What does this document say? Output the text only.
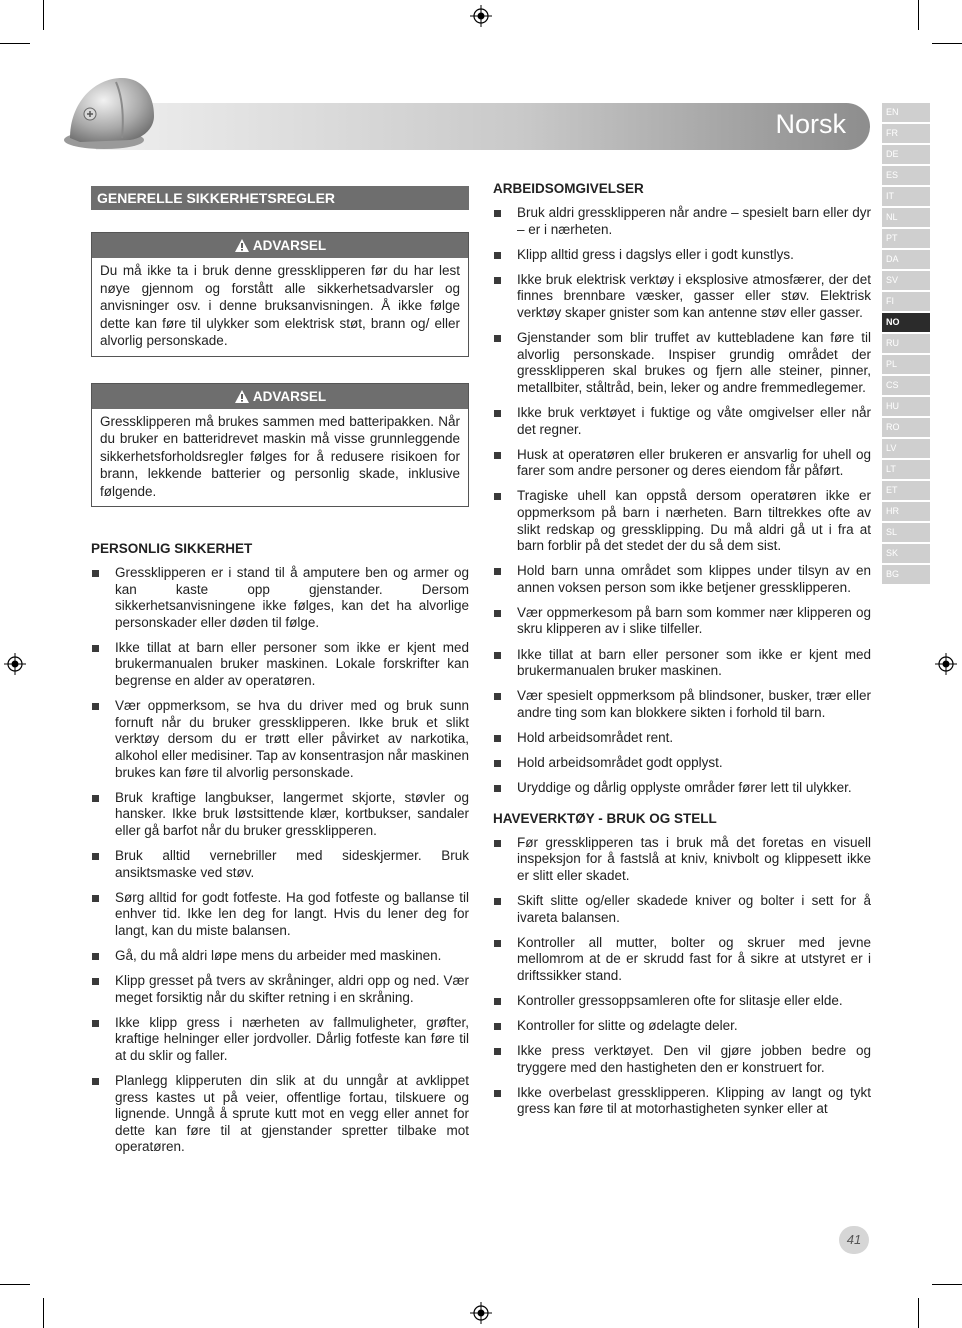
Norsk	EN
FR
DE
ES
IT
NL
PT
DA
SV
FI
NO
RU
PL
CS
HU
RO
LV
LT
ET
HR
SL
SK
BG
GENERELLE SIKKERHETSREGLER
ADVARSEL
Du må ikke ta i bruk denne gressklipperen før du har lest nøye gjennom og forstått alle sikkerhetsadvarsler og anvisninger osv. i denne bruksanvisningen. Å ikke følge dette kan føre til ulykker som elektrisk støt, brann og/ eller alvorlig personskade.
ADVARSEL
Gressklipperen må brukes sammen med batteripakken. Når du bruker en batteridrevet maskin må visse grunnleggende sikkerhetsforholdsregler følges for å redusere risikoen for brann, lekkende batterier og personlig skade, inklusive følgende.
PERSONLIG SIKKERHET
Gressklipperen er i stand til å amputere ben og armer og kan kaste opp gjenstander. Dersom sikkerhetsanvisningene ikke følges, kan det ha alvorlige personskader eller døden til følge.
Ikke tillat at barn eller personer som ikke er kjent med brukermanualen bruker maskinen. Lokale forskrifter kan begrense en alder av operatøren.
Vær oppmerksom, se hva du driver med og bruk sunn fornuft når du bruker gressklipperen. Ikke bruk et slikt verktøy dersom du er trøtt eller påvirket av narkotika, alkohol eller medisiner. Tap av konsentrasjon når maskinen brukes kan føre til alvorlig personskade.
Bruk kraftige langbukser, langermet skjorte, støvler og hansker. Ikke bruk løstsittende klær, kortbukser, sandaler eller gå barfot når du bruker gressklipperen.
Bruk alltid vernebriller med sideskjermer. Bruk ansiktsmaske ved støv.
Sørg alltid for godt fotfeste. Ha god fotfeste og ballanse til enhver tid. Ikke len deg for langt. Hvis du lener deg for langt, kan du miste balansen.
Gå, du må aldri løpe mens du arbeider med maskinen.
Klipp gresset på tvers av skråninger, aldri opp og ned. Vær meget forsiktig når du skifter retning i en skråning.
Ikke klipp gress i nærheten av fallmuligheter, grøfter, kraftige helninger eller jordvoller. Dårlig fotfeste kan føre til at du sklir og faller.
Planlegg klipperuten din slik at du unngår at avklippet gress kastes ut på veier, offentlige fortau, tilskuere og lignende. Unngå å sprute kutt mot en vegg eller annet for dette kan føre til at gjenstander spretter tilbake mot operatøren.
ARBEIDSOMGIVELSER
Bruk aldri gressklipperen når andre – spesielt barn eller dyr – er i nærheten.
Klipp alltid gress i dagslys eller i godt kunstlys.
Ikke bruk elektrisk verktøy i eksplosive atmosfærer, der det finnes brennbare væsker, gasser eller støv. Elektrisk verktøy skaper gnister som kan antenne støv eller gasser.
Gjenstander som blir truffet av kuttebladene kan føre til alvorlig personskade. Inspiser grundig området der gressklipperen skal brukes og fjern alle steiner, pinner, metallbiter, ståltråd, bein, leker og andre fremmedlegemer.
Ikke bruk verktøyet i fuktige og våte omgivelser eller når det regner.
Husk at operatøren eller brukeren er ansvarlig for uhell og farer som andre personer og deres eiendom får påført.
Tragiske uhell kan oppstå dersom operatøren ikke er oppmerksom på barn i nærheten. Barn tiltrekkes ofte av slikt redskap og gressklipping. Du må aldri gå ut i fra at barn forblir på det stedet der du så dem sist.
Hold barn unna området som klippes under tilsyn av en annen voksen person som ikke betjener gressklipperen.
Vær oppmerkesom på barn som kommer nær klipperen og skru klipperen av i slike tilfeller.
Ikke tillat at barn eller personer som ikke er kjent med brukermanualen bruker maskinen.
Vær spesielt oppmerksom på blindsoner, busker, trær eller andre ting som kan blokkere sikten i forhold til barn.
Hold arbeidsområdet rent.
Hold arbeidsområdet godt opplyst.
Uryddige og dårlig opplyste områder fører lett til ulykker.
HAVEVERKTØY - BRUK OG STELL
Før gressklipperen tas i bruk må det foretas en visuell inspeksjon for å fastslå at kniv, knivbolt og klippesett ikke er slitt eller skadet.
Skift slitte og/eller skadede kniver og bolter i sett for å ivareta balansen.
Kontroller all mutter, bolter og skruer med jevne mellomrom at de er skrudd fast for å sikre at utstyret er i driftssikker stand.
Kontroller gressoppsamleren ofte for slitasje eller elde.
Kontroller for slitte og ødelagte deler.
Ikke press verktøyet. Den vil gjøre jobben bedre og tryggere med den hastigheten den er konstruert for.
Ikke overbelast gressklipperen. Klipping av langt og tykt gress kan føre til at motorhastigheten synker eller at
41
